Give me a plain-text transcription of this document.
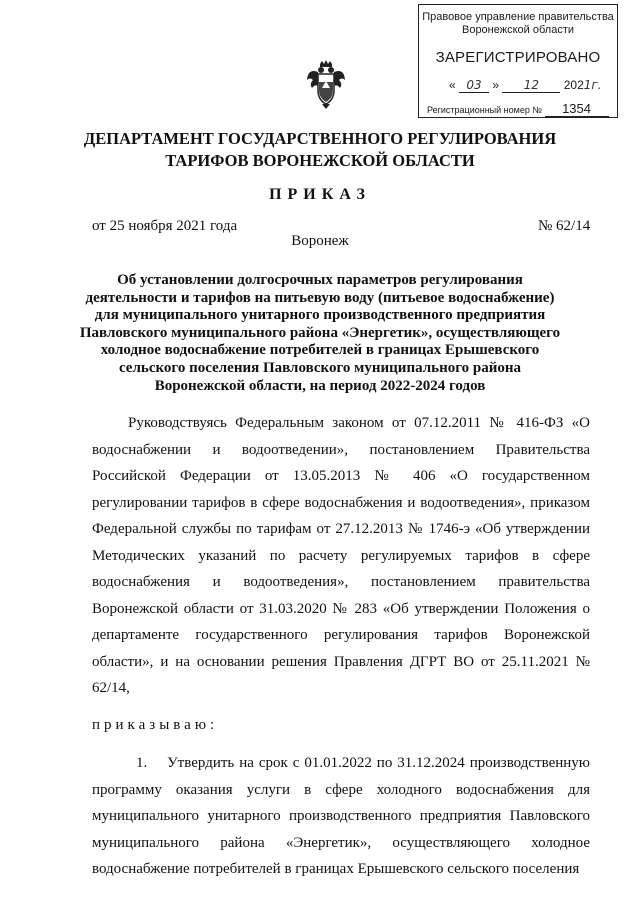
Правовое управление правительства
Воронежской области
ЗАРЕГИСТРИРОВАНО
« 03 » 12 2021г.
Регистрационный номер № 1354
ДЕПАРТАМЕНТ ГОСУДАРСТВЕННОГО РЕГУЛИРОВАНИЯ
ТАРИФОВ ВОРОНЕЖСКОЙ ОБЛАСТИ
ПРИКАЗ
от 25 ноября 2021 года	№ 62/14
Воронеж
Об установлении долгосрочных параметров регулирования
деятельности и тарифов на питьевую воду (питьевое водоснабжение)
для муниципального унитарного производственного предприятия
Павловского муниципального района «Энергетик», осуществляющего
холодное водоснабжение потребителей в границах Ерышевского
сельского поселения Павловского муниципального района
Воронежской области, на период 2022-2024 годов

Руководствуясь Федеральным законом от 07.12.2011 № 416-ФЗ «О водоснабжении и водоотведении», постановлением Правительства Российской Федерации от 13.05.2013 № 406 «О государственном регулировании тарифов в сфере водоснабжения и водоотведения», приказом Федеральной службы по тарифам от 27.12.2013 № 1746-э «Об утверждении Методических указаний по расчету регулируемых тарифов в сфере водоснабжения и водоотведения», постановлением правительства Воронежской области от 31.03.2020 № 283 «Об утверждении Положения о департаменте государственного регулирования тарифов Воронежской области», и на основании решения Правления ДГРТ ВО от 25.11.2021 № 62/14,

приказываю:

1. Утвердить на срок с 01.01.2022 по 31.12.2024 производственную программу оказания услуги в сфере холодного водоснабжения для муниципального унитарного производственного предприятия Павловского муниципального района «Энергетик», осуществляющего холодное водоснабжение потребителей в границах Ерышевского сельского поселения
